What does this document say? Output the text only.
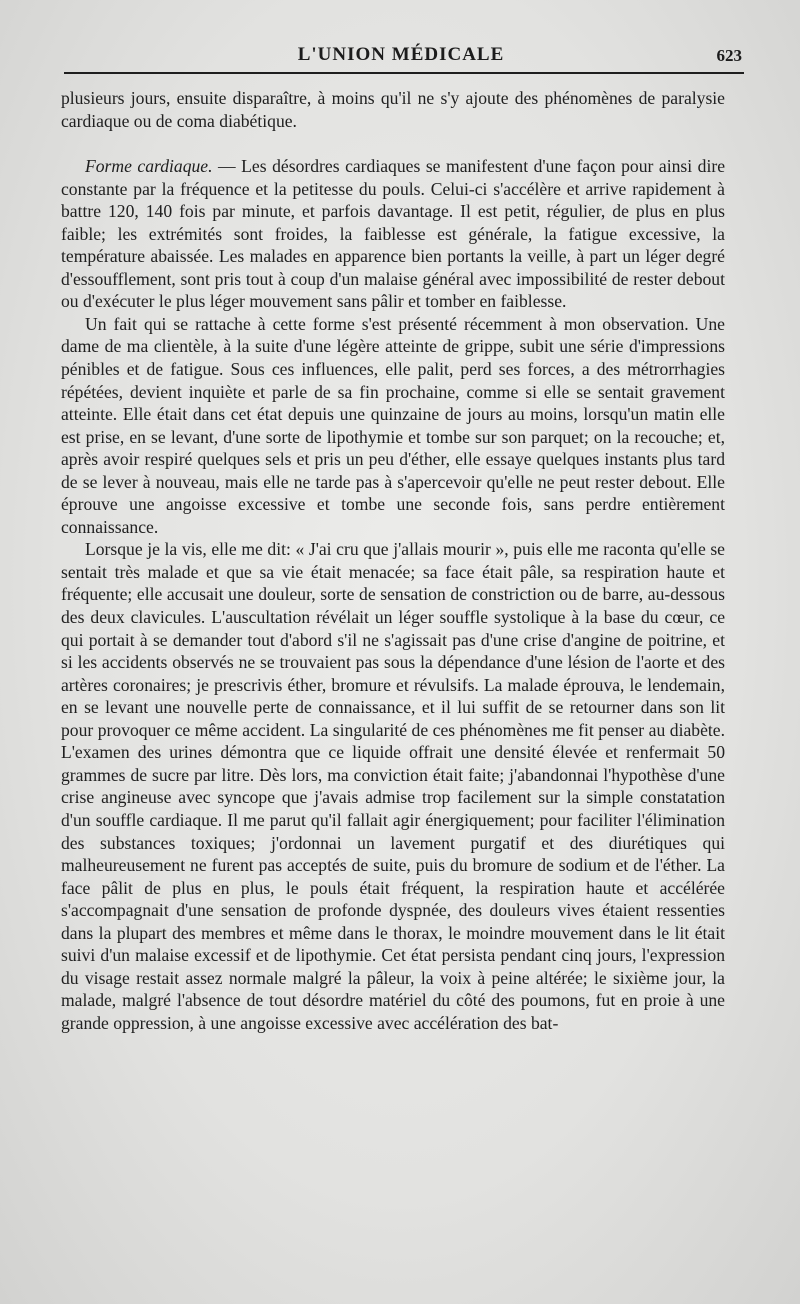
L'UNION MÉDICALE	623

plusieurs jours, ensuite disparaître, à moins qu'il ne s'y ajoute des phénomènes de paralysie cardiaque ou de coma diabétique.

Forme cardiaque. — Les désordres cardiaques se manifestent d'une façon pour ainsi dire constante par la fréquence et la petitesse du pouls. Celui-ci s'accélère et arrive rapidement à battre 120, 140 fois par minute, et parfois davantage. Il est petit, régulier, de plus en plus faible; les extrémités sont froides, la faiblesse est générale, la fatigue excessive, la température abaissée. Les malades en apparence bien portants la veille, à part un léger degré d'essoufflement, sont pris tout à coup d'un malaise général avec impossibilité de rester debout ou d'exécuter le plus léger mouvement sans pâlir et tomber en faiblesse.

Un fait qui se rattache à cette forme s'est présenté récemment à mon observation. Une dame de ma clientèle, à la suite d'une légère atteinte de grippe, subit une série d'impressions pénibles et de fatigue. Sous ces influences, elle palit, perd ses forces, a des métrorrhagies répétées, devient inquiète et parle de sa fin prochaine, comme si elle se sentait gravement atteinte. Elle était dans cet état depuis une quinzaine de jours au moins, lorsqu'un matin elle est prise, en se levant, d'une sorte de lipothymie et tombe sur son parquet; on la recouche; et, après avoir respiré quelques sels et pris un peu d'éther, elle essaye quelques instants plus tard de se lever à nouveau, mais elle ne tarde pas à s'apercevoir qu'elle ne peut rester debout. Elle éprouve une angoisse excessive et tombe une seconde fois, sans perdre entièrement connaissance.

Lorsque je la vis, elle me dit: « J'ai cru que j'allais mourir », puis elle me raconta qu'elle se sentait très malade et que sa vie était menacée; sa face était pâle, sa respiration haute et fréquente; elle accusait une douleur, sorte de sensation de constriction ou de barre, au-dessous des deux clavicules. L'auscultation révélait un léger souffle systolique à la base du cœur, ce qui portait à se demander tout d'abord s'il ne s'agissait pas d'une crise d'angine de poitrine, et si les accidents observés ne se trouvaient pas sous la dépendance d'une lésion de l'aorte et des artères coronaires; je prescrivis éther, bromure et révulsifs. La malade éprouva, le lendemain, en se levant une nouvelle perte de connaissance, et il lui suffit de se retourner dans son lit pour provoquer ce même accident. La singularité de ces phénomènes me fit penser au diabète. L'examen des urines démontra que ce liquide offrait une densité élevée et renfermait 50 grammes de sucre par litre. Dès lors, ma conviction était faite; j'abandonnai l'hypothèse d'une crise angineuse avec syncope que j'avais admise trop facilement sur la simple constatation d'un souffle cardiaque. Il me parut qu'il fallait agir énergiquement; pour faciliter l'élimination des substances toxiques; j'ordonnai un lavement purgatif et des diurétiques qui malheureusement ne furent pas acceptés de suite, puis du bromure de sodium et de l'éther. La face pâlit de plus en plus, le pouls était fréquent, la respiration haute et accélérée s'accompagnait d'une sensation de profonde dyspnée, des douleurs vives étaient ressenties dans la plupart des membres et même dans le thorax, le moindre mouvement dans le lit était suivi d'un malaise excessif et de lipothymie. Cet état persista pendant cinq jours, l'expression du visage restait assez normale malgré la pâleur, la voix à peine altérée; le sixième jour, la malade, malgré l'absence de tout désordre matériel du côté des poumons, fut en proie à une grande oppression, à une angoisse excessive avec accélération des bat-
